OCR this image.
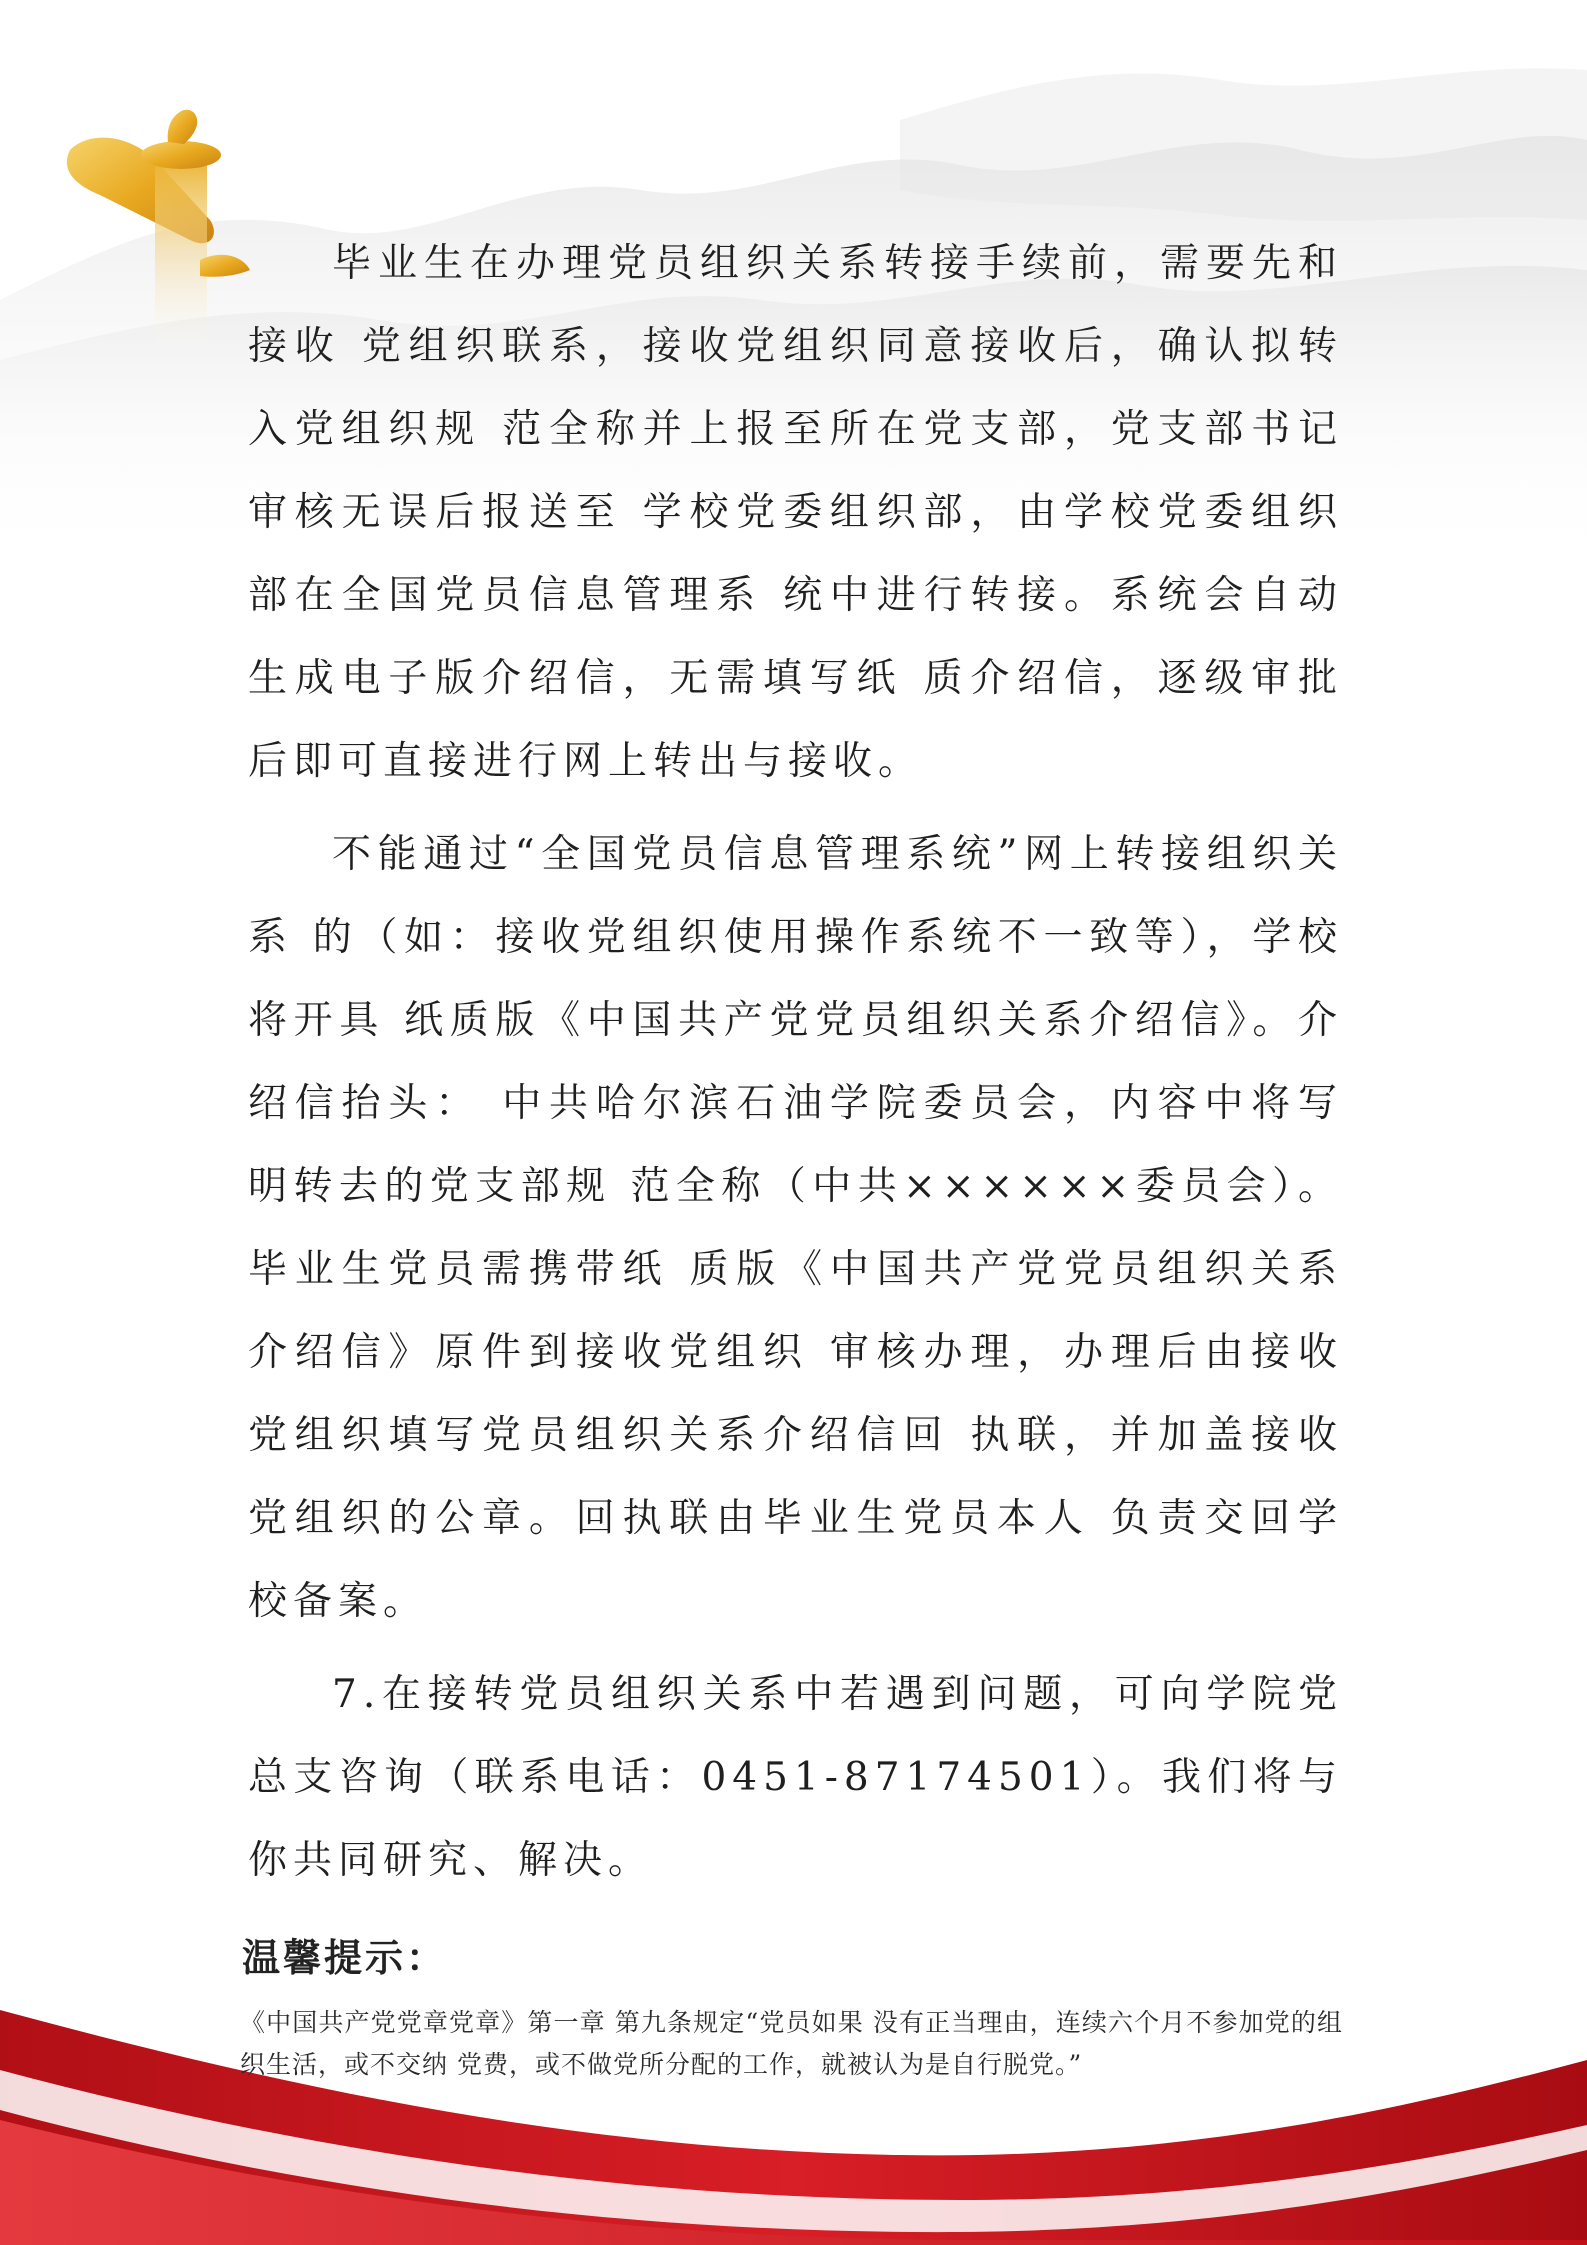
毕业生在办理党员组织关系转接手续前，需要先和接收 党组织联系，接收党组织同意接收后，确认拟转入党组织规 范全称并上报至所在党支部，党支部书记审核无误后报送至 学校党委组织部，由学校党委组织部在全国党员信息管理系 统中进行转接。系统会自动生成电子版介绍信，无需填写纸 质介绍信，逐级审批后即可直接进行网上转出与接收。

不能通过“全国党员信息管理系统”网上转接组织关系 的（如：接收党组织使用操作系统不一致等），学校将开具 纸质版《中国共产党党员组织关系介绍信》。介绍信抬头： 中共哈尔滨石油学院委员会，内容中将写明转去的党支部规 范全称（中共××××××委员会）。毕业生党员需携带纸 质版《中国共产党党员组织关系介绍信》原件到接收党组织 审核办理，办理后由接收党组织填写党员组织关系介绍信回 执联，并加盖接收党组织的公章。回执联由毕业生党员本人 负责交回学校备案。

7.在接转党员组织关系中若遇到问题，可向学院党总支咨询（联系电话：0451-87174501）。我们将与你共同研究、解决。

温馨提示：

《中国共产党党章党章》第一章 第九条规定“党员如果 没有正当理由，连续六个月不参加党的组织生活，或不交纳 党费，或不做党所分配的工作，就被认为是自行脱党。”
